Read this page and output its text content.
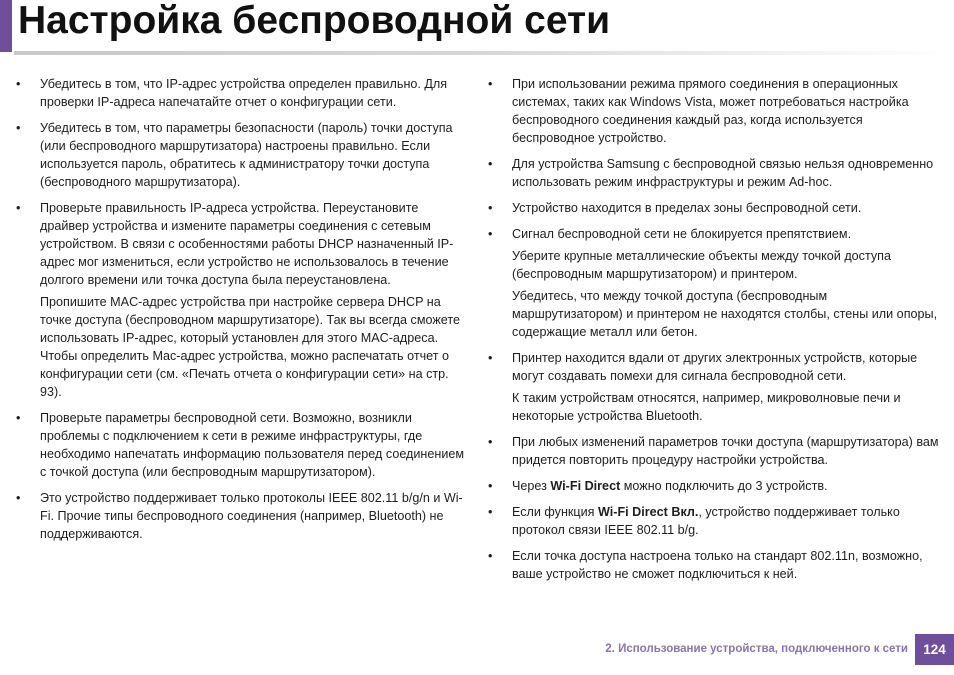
Настройка беспроводной сети
•	Убедитесь в том, что IP-адрес устройства определен правильно. Для проверки IP-адреса напечатайте отчет о конфигурации сети.

•	Убедитесь в том, что параметры безопасности (пароль) точки доступа (или беспроводного маршрутизатора) настроены правильно. Если используется пароль, обратитесь к администратору точки доступа (беспроводного маршрутизатора).

•	Проверьте правильность IP-адреса устройства. Переустановите драйвер устройства и измените параметры соединения с сетевым устройством. В связи с особенностями работы DHCP назначенный IP-адрес мог измениться, если устройство не использовалось в течение долгого времени или точка доступа была переустановлена.

Пропишите MAC-адрес устройства при настройке сервера DHCP на точке доступа (беспроводном маршрутизаторе). Так вы всегда сможете использовать IP-адрес, который установлен для этого MAC-адреса. Чтобы определить Mac-адрес устройства, можно распечатать отчет о конфигурации сети (см. «Печать отчета о конфигурации сети» на стр. 93).

•	Проверьте параметры беспроводной сети. Возможно, возникли проблемы с подключением к сети в режиме инфраструктуры, где необходимо напечатать информацию пользователя перед соединением с точкой доступа (или беспроводным маршрутизатором).

•	Это устройство поддерживает только протоколы IEEE 802.11 b/g/n и Wi-Fi. Прочие типы беспроводного соединения (например, Bluetooth) не поддерживаются.

•	При использовании режима прямого соединения в операционных системах, таких как Windows Vista, может потребоваться настройка беспроводного соединения каждый раз, когда используется беспроводное устройство.

•	Для устройства Samsung с беспроводной связью нельзя одновременно использовать режим инфраструктуры и режим Ad-hoc.

•	Устройство находится в пределах зоны беспроводной сети.

•	Сигнал беспроводной сети не блокируется препятствием.

Уберите крупные металлические объекты между точкой доступа (беспроводным маршрутизатором) и принтером.

Убедитесь, что между точкой доступа (беспроводным маршрутизатором) и принтером не находятся столбы, стены или опоры, содержащие металл или бетон.

•	Принтер находится вдали от других электронных устройств, которые могут создавать помехи для сигнала беспроводной сети.

К таким устройствам относятся, например, микроволновые печи и некоторые устройства Bluetooth.

•	При любых изменений параметров точки доступа (маршрутизатора) вам придется повторить процедуру настройки устройства.

•	Через Wi-Fi Direct можно подключить до 3 устройств.

•	Если функция Wi-Fi Direct Вкл., устройство поддерживает только протокол связи IEEE 802.11 b/g.

•	Если точка доступа настроена только на стандарт 802.11n, возможно, ваше устройство не сможет подключиться к ней.

2. Использование устройства, подключенного к сети	124
